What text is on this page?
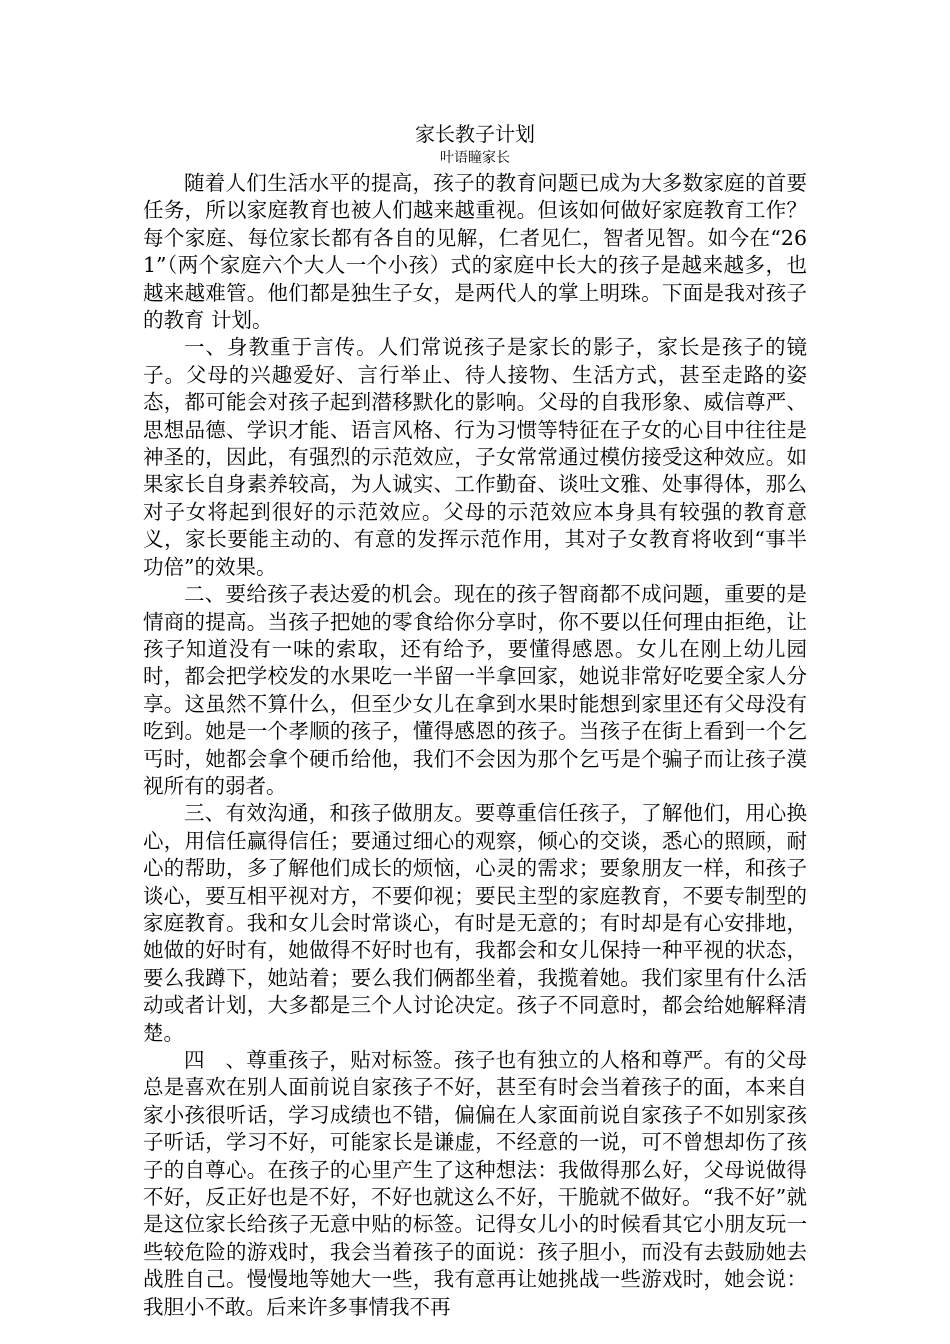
家长教子计划
叶语瞳家长

随着人们生活水平的提高，孩子的教育问题已成为大多数家庭的首要任务，所以家庭教育也被人们越来越重视。但该如何做好家庭教育工作？每个家庭、每位家长都有各自的见解，仁者见仁，智者见智。如今在“261”（两个家庭六个大人一个小孩）式的家庭中长大的孩子是越来越多，也越来越难管。他们都是独生子女，是两代人的掌上明珠。下面是我对孩子的教育 计划。

一、身教重于言传。人们常说孩子是家长的影子，家长是孩子的镜子。父母的兴趣爱好、言行举止、待人接物、生活方式，甚至走路的姿态，都可能会对孩子起到潜移默化的影响。父母的自我形象、威信尊严、思想品德、学识才能、语言风格、行为习惯等特征在子女的心目中往往是神圣的，因此，有强烈的示范效应，子女常常通过模仿接受这种效应。如果家长自身素养较高，为人诚实、工作勤奋、谈吐文雅、处事得体，那么对子女将起到很好的示范效应。父母的示范效应本身具有较强的教育意义，家长要能主动的、有意的发挥示范作用，其对子女教育将收到“事半功倍”的效果。

二、要给孩子表达爱的机会。现在的孩子智商都不成问题，重要的是情商的提高。当孩子把她的零食给你分享时，你不要以任何理由拒绝，让孩子知道没有一味的索取，还有给予，要懂得感恩。女儿在刚上幼儿园时，都会把学校发的水果吃一半留一半拿回家，她说非常好吃要全家人分享。这虽然不算什么，但至少女儿在拿到水果时能想到家里还有父母没有吃到。她是一个孝顺的孩子，懂得感恩的孩子。当孩子在街上看到一个乞丐时，她都会拿个硬币给他，我们不会因为那个乞丐是个骗子而让孩子漠视所有的弱者。

三、有效沟通，和孩子做朋友。要尊重信任孩子，了解他们，用心换心，用信任赢得信任；要通过细心的观察，倾心的交谈，悉心的照顾，耐心的帮助，多了解他们成长的烦恼，心灵的需求；要象朋友一样，和孩子谈心，要互相平视对方，不要仰视；要民主型的家庭教育，不要专制型的家庭教育。我和女儿会时常谈心，有时是无意的；有时却是有心安排地，她做的好时有，她做得不好时也有，我都会和女儿保持一种平视的状态，要么我蹲下，她站着；要么我们俩都坐着，我揽着她。我们家里有什么活动或者计划，大多都是三个人讨论决定。孩子不同意时，都会给她解释清楚。

四　、尊重孩子，贴对标签。孩子也有独立的人格和尊严。有的父母总是喜欢在别人面前说自家孩子不好，甚至有时会当着孩子的面，本来自家小孩很听话，学习成绩也不错，偏偏在人家面前说自家孩子不如别家孩子听话，学习不好，可能家长是谦虚，不经意的一说，可不曾想却伤了孩子的自尊心。在孩子的心里产生了这种想法：我做得那么好，父母说做得不好，反正好也是不好，不好也就这么不好，干脆就不做好。“我不好”就是这位家长给孩子无意中贴的标签。记得女儿小的时候看其它小朋友玩一些较危险的游戏时，我会当着孩子的面说：孩子胆小，而没有去鼓励她去战胜自己。慢慢地等她大一些，我有意再让她挑战一些游戏时，她会说：我胆小不敢。后来许多事情我不再
